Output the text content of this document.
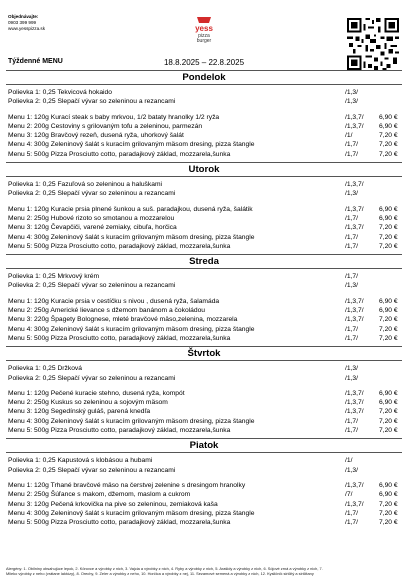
Objednávajte:
0903 399 999
www.yesspizza.sk	yess
pizza
burger
Týždenné MENU	18.8.2025 – 22.8.2025
Pondelok
Polievka 1: 0,25 Tekvicová hokaido	/1,3/
Polievka 2: 0,25 Slepačí vývar so zeleninou a rezancami	/1,3/
Menu 1: 120g Kurací steak s baby mrkvou, 1/2 bataty hranolky 1/2 ryža	/1,3,7/ 6,90 €
Menu 2: 200g Cestoviny s grilovaným tofu a zeleninou, parmezán	/1,3,7/ 6,90 €
Menu 3: 120g Bravčový rezeň, dusená ryža, uhorkový šalát	/1/	7,20 €
Menu 4: 300g Zeleninový šalát s kuracím grilovaným mäsom dresing, pizza štangle	/1,7/	7,20 €
Menu 5: 500g Pizza Prosciutto cotto, paradajkový základ, mozzarela,šunka	/1,7/	7,20 €
Utorok
Polievka 1: 0,25 Fazuľová so zeleninou a haluškami	/1,3,7/
Polievka 2: 0,25 Slepačí vývar so zeleninou a rezancami	/1,3/
Menu 1: 120g Kuracie prsia plnené šunkou a suš. paradajkou, dusená ryža, šalátik	/1,3,7/ 6,90 €
Menu 2: 250g Hubové rizoto so smotanou a mozzarelou	/1,7/	6,90 €
Menu 3: 120g Čevapčiči, varené zemiaky, cibuľa, horčica	/1,3,7/ 7,20 €
Menu 4: 300g Zeleninový šalát s kuracím grilovaným mäsom dresing, pizza štangle	/1,7/	7,20 €
Menu 5: 500g Pizza Prosciutto cotto, paradajkový základ, mozzarela,šunka	/1,7/	7,20 €
Streda
Polievka 1: 0,25 Mrkvový krém	/1,7/
Polievka 2: 0,25 Slepačí vývar so zeleninou a rezancami	/1,3/
Menu 1: 120g Kuracie prsia v cestíčku s nivou , dusená ryža, šalamáda	/1,3,7/ 6,90 €
Menu 2: 250g Americké lievance s džemom banánom a čokoládou	/1,3,7/ 6,90 €
Menu 3: 220g Špagety Bolognese, mleté bravčové mäso,zelenina, mozzarela	/1,3,7/ 7,20 €
Menu 4: 300g Zeleninový šalát s kuracím grilovaným mäsom dresing, pizza štangle	/1,7/	7,20 €
Menu 5: 500g Pizza Prosciutto cotto, paradajkový základ, mozzarela,šunka	/1,7/	7,20 €
Štvrtok
Polievka 1: 0,25 Držková	/1,3/
Polievka 2: 0,25 Slepačí vývar so zeleninou a rezancami	/1,3/
Menu 1: 120g Pečené kuracie stehno, dusená ryža, kompót	/1,3,7/ 6,90 €
Menu 2: 250g Kuskus so zeleninou a sojovým mäsom	/1,3,7/ 6,90 €
Menu 3: 120g Segedínský guláš, parená knedľa	/1,3,7/ 7,20 €
Menu 4: 300g Zeleninový šalát s kuracím grilovaným mäsom dresing, pizza štangle	/1,7/	7,20 €
Menu 5: 500g Pizza Prosciutto cotto, paradajkový základ, mozzarela,šunka	/1,7/	7,20 €
Piatok
Polievka 1: 0,25 Kapustová s klobásou a hubami	/1/
Polievka 2: 0,25 Slepačí vývar so zeleninou a rezancami	/1,3/
Menu 1: 120g Trhané bravčové mäso na čerstvej zelenine s dresingom hranolky	/1,3,7/ 6,90 €
Menu 2: 250g Šúľance s makom, džemom, maslom a cukrom	/7/	6,90 €
Menu 3: 120g Pečená krkovička na pive so zeleninou, zemiaková kaša	/1,3,7/ 7,20 €
Menu 4: 300g Zeleninový šalát s kuracím grilovaným mäsom dresing, pizza štangle	/1,7/	7,20 €
Menu 5: 500g Pizza Prosciutto cotto, paradajkový základ, mozzarela,šunka	/1,7/	7,20 €
Alergény: 1. Obilniny obsahujúce lepok, 2. Kôrovce a výrobky z nich, 3. Vajcia a výrobky z nich, 4. Ryby a výrobky z nich, 5. Arašidy a výrobky z nich, 6. Sójové zrná a výrobky z nich, 7.
Mlieko výrobky z neho (vrátane laktózy), 8. Orechy, 9. Zeler a výrobky z neho, 10. Horčica a výrobky z nej, 11. Sezamové semená a výrobky z nich, 12. Kysličník siričitý a siričitany
